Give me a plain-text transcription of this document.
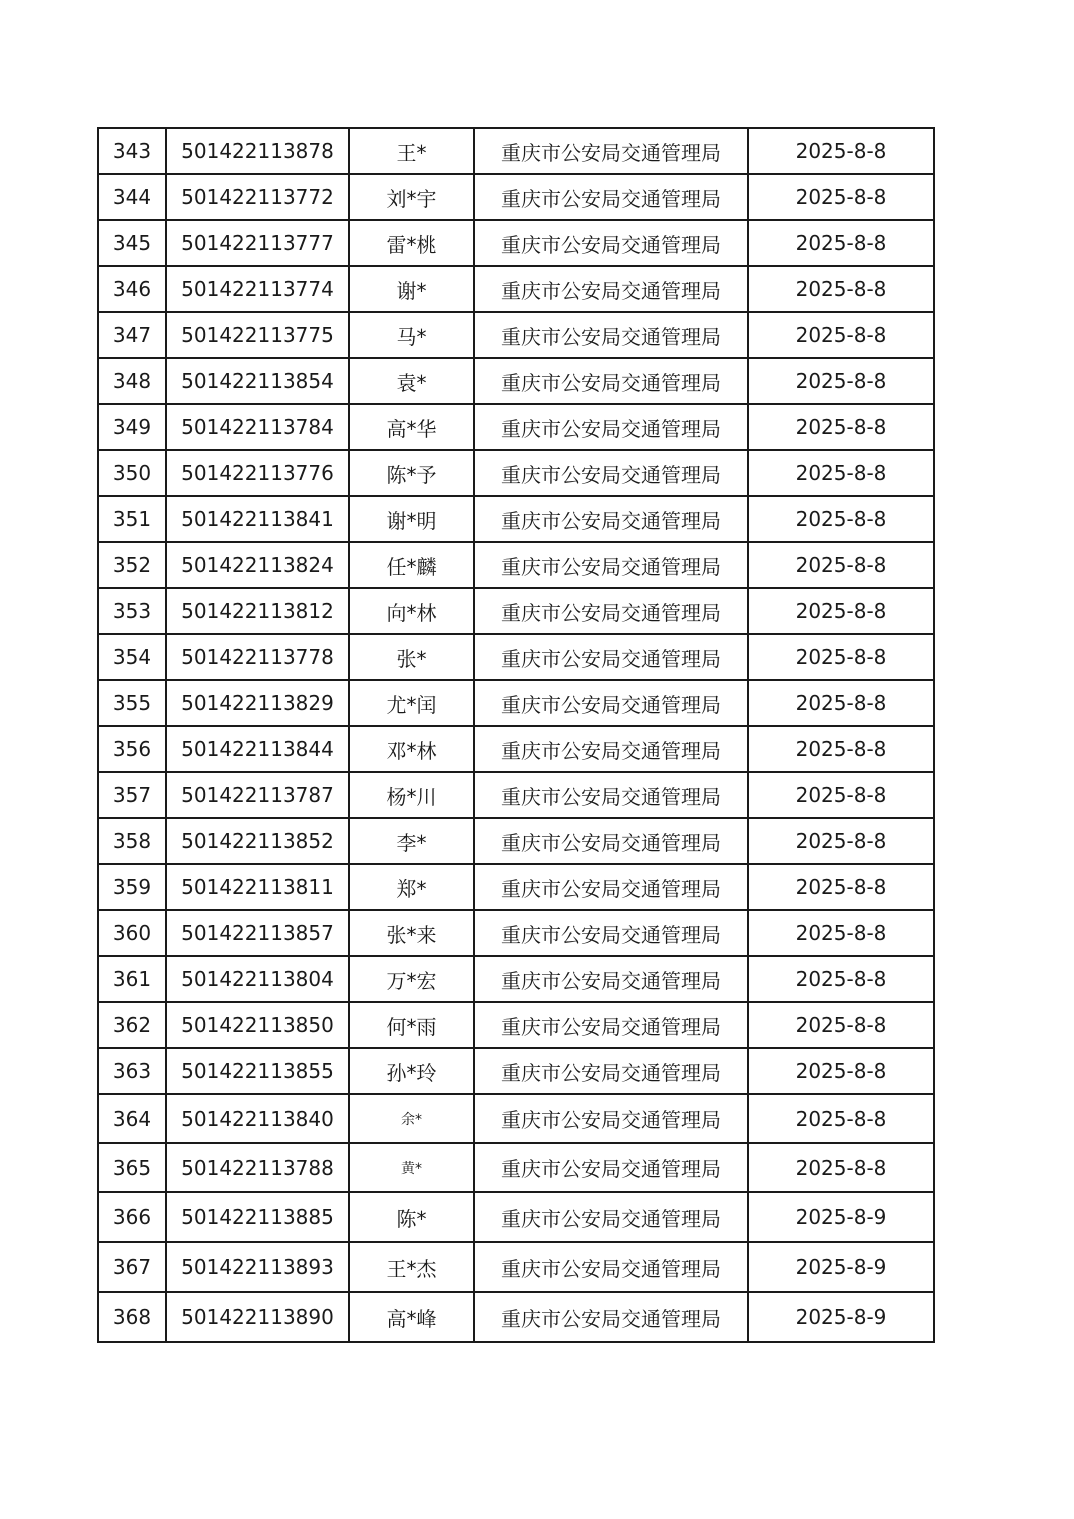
343	501422113878	王*	重庆市公安局交通管理局	2025-8-8
344	501422113772	刘*宇	重庆市公安局交通管理局	2025-8-8
345	501422113777	雷*桃	重庆市公安局交通管理局	2025-8-8
346	501422113774	谢*	重庆市公安局交通管理局	2025-8-8
347	501422113775	马*	重庆市公安局交通管理局	2025-8-8
348	501422113854	袁*	重庆市公安局交通管理局	2025-8-8
349	501422113784	高*华	重庆市公安局交通管理局	2025-8-8
350	501422113776	陈*予	重庆市公安局交通管理局	2025-8-8
351	501422113841	谢*明	重庆市公安局交通管理局	2025-8-8
352	501422113824	任*麟	重庆市公安局交通管理局	2025-8-8
353	501422113812	向*林	重庆市公安局交通管理局	2025-8-8
354	501422113778	张*	重庆市公安局交通管理局	2025-8-8
355	501422113829	尤*闰	重庆市公安局交通管理局	2025-8-8
356	501422113844	邓*林	重庆市公安局交通管理局	2025-8-8
357	501422113787	杨*川	重庆市公安局交通管理局	2025-8-8
358	501422113852	李*	重庆市公安局交通管理局	2025-8-8
359	501422113811	郑*	重庆市公安局交通管理局	2025-8-8
360	501422113857	张*来	重庆市公安局交通管理局	2025-8-8
361	501422113804	万*宏	重庆市公安局交通管理局	2025-8-8
362	501422113850	何*雨	重庆市公安局交通管理局	2025-8-8
363	501422113855	孙*玲	重庆市公安局交通管理局	2025-8-8
364	501422113840	余*	重庆市公安局交通管理局	2025-8-8
365	501422113788	黄*	重庆市公安局交通管理局	2025-8-8
366	501422113885	陈*	重庆市公安局交通管理局	2025-8-9
367	501422113893	王*杰	重庆市公安局交通管理局	2025-8-9
368	501422113890	高*峰	重庆市公安局交通管理局	2025-8-9
